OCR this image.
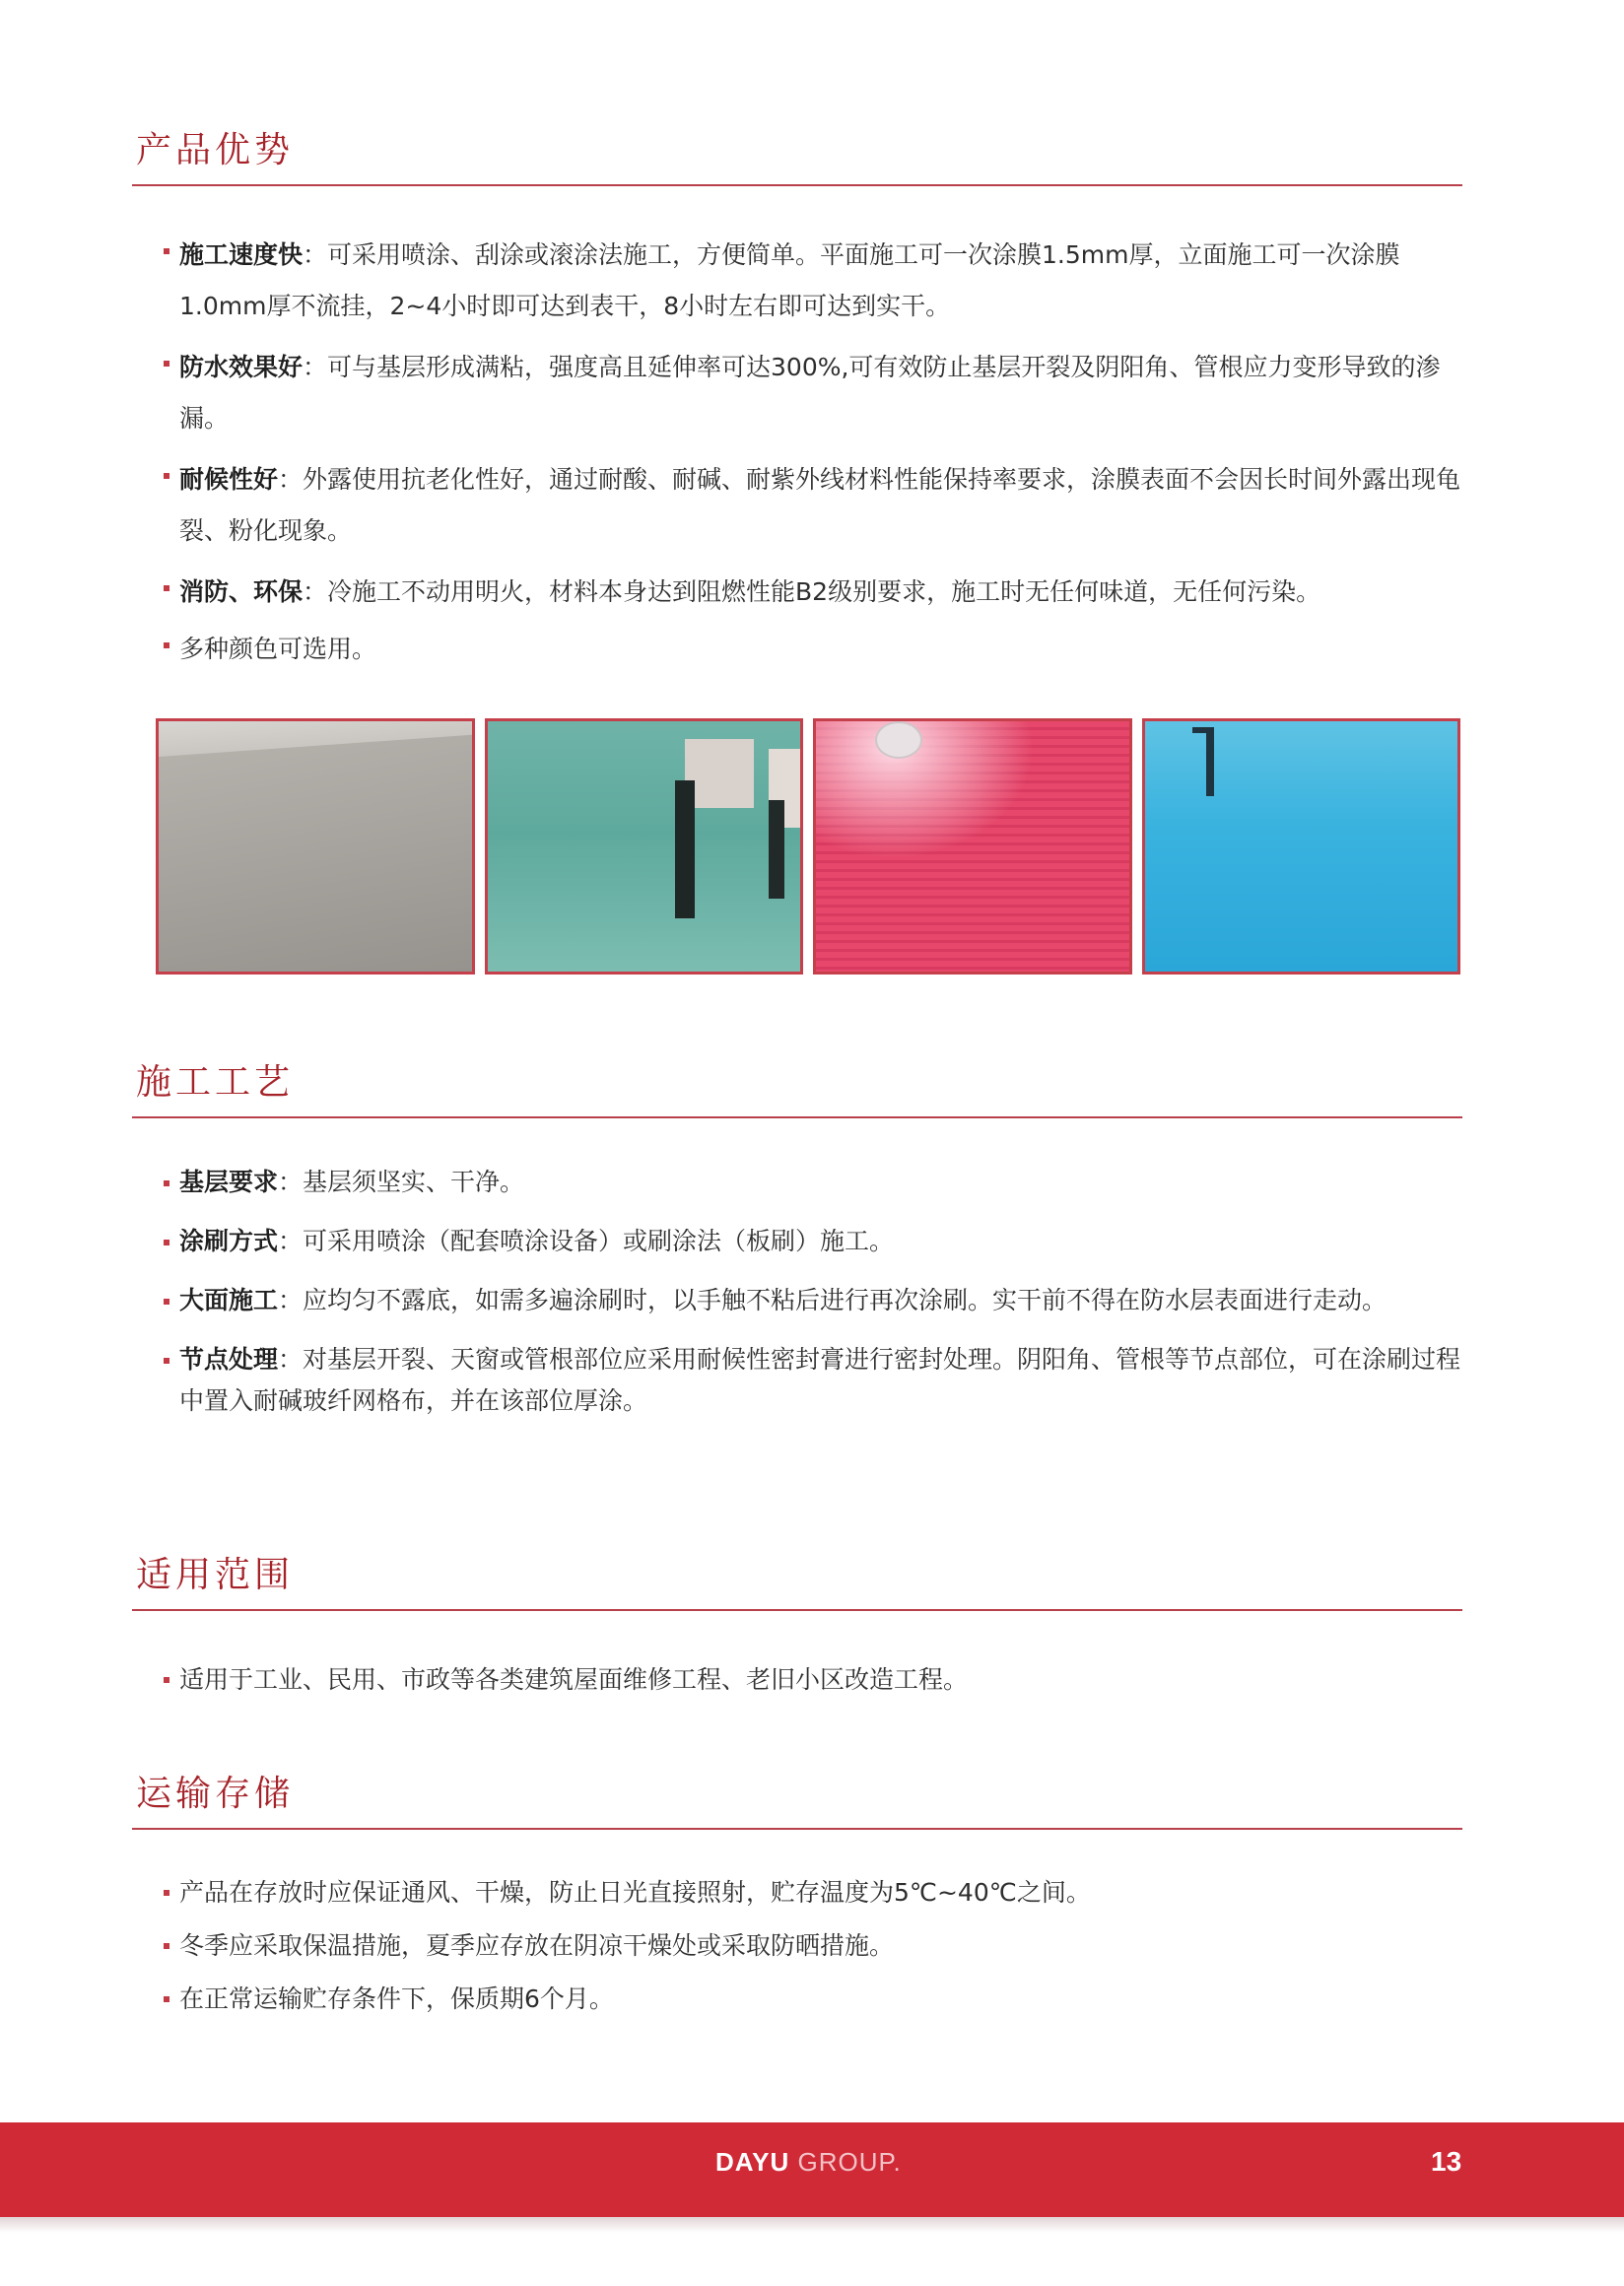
产品优势
施工速度快：可采用喷涂、刮涂或滚涂法施工，方便简单。平面施工可一次涂膜1.5mm厚，立面施工可一次涂膜1.0mm厚不流挂，2~4小时即可达到表干，8小时左右即可达到实干。
防水效果好：可与基层形成满粘，强度高且延伸率可达300%,可有效防止基层开裂及阴阳角、管根应力变形导致的渗漏。
耐候性好：外露使用抗老化性好，通过耐酸、耐碱、耐紫外线材料性能保持率要求，涂膜表面不会因长时间外露出现龟裂、粉化现象。
消防、环保：冷施工不动用明火，材料本身达到阻燃性能B2级别要求，施工时无任何味道，无任何污染。
多种颜色可选用。
施工工艺
基层要求：基层须坚实、干净。
涂刷方式：可采用喷涂（配套喷涂设备）或刷涂法（板刷）施工。
大面施工：应均匀不露底，如需多遍涂刷时，以手触不粘后进行再次涂刷。实干前不得在防水层表面进行走动。
节点处理：对基层开裂、天窗或管根部位应采用耐候性密封膏进行密封处理。阴阳角、管根等节点部位，可在涂刷过程中置入耐碱玻纤网格布，并在该部位厚涂。
适用范围
适用于工业、民用、市政等各类建筑屋面维修工程、老旧小区改造工程。
运输存储
产品在存放时应保证通风、干燥，防止日光直接照射，贮存温度为5℃~40℃之间。
冬季应采取保温措施，夏季应存放在阴凉干燥处或采取防晒措施。
在正常运输贮存条件下，保质期6个月。
DAYU GROUP.	13
